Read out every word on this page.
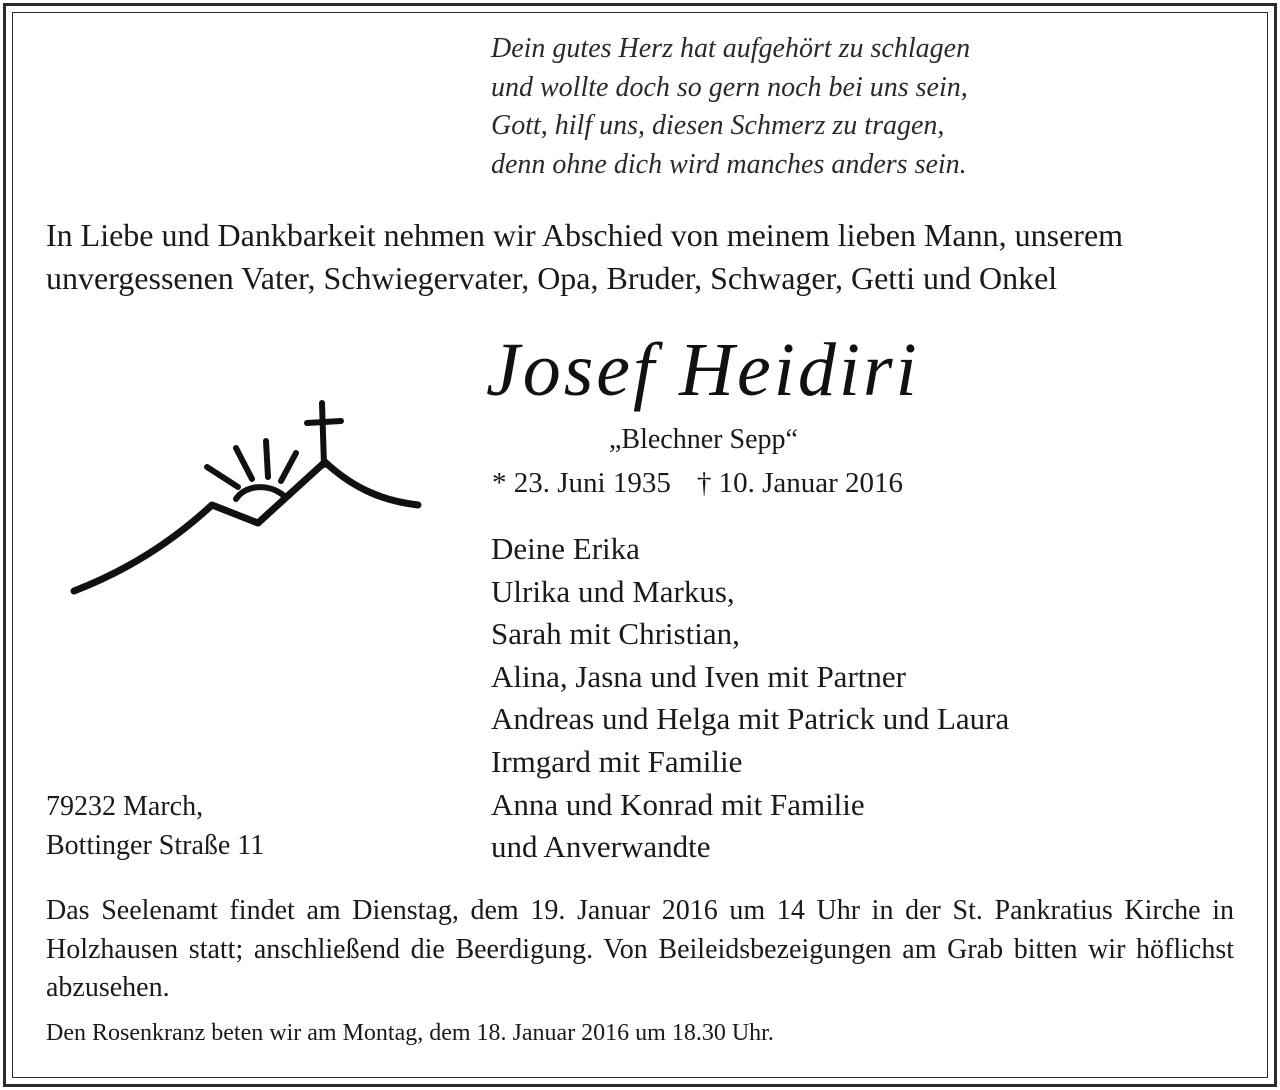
Dein gutes Herz hat aufgehört zu schlagen
und wollte doch so gern noch bei uns sein,
Gott, hilf uns, diesen Schmerz zu tragen,
denn ohne dich wird manches anders sein.
In Liebe und Dankbarkeit nehmen wir Abschied von meinem lieben Mann, unserem
unvergessenen Vater, Schwiegervater, Opa, Bruder, Schwager, Getti und Onkel
Josef Heidiri
„Blechner Sepp“
* 23. Juni 1935 † 10. Januar 2016
Deine Erika
Ulrika und Markus,
Sarah mit Christian,
Alina, Jasna und Iven mit Partner
Andreas und Helga mit Patrick und Laura
Irmgard mit Familie
Anna und Konrad mit Familie
und Anverwandte
79232 March,
Bottinger Straße 11
Das Seelenamt findet am Dienstag, dem 19. Januar 2016 um 14 Uhr in der St. Pankratius Kirche in Holzhausen statt; anschließend die Beerdigung. Von Beileidsbezeigungen am Grab bitten wir höflichst abzusehen.
Den Rosenkranz beten wir am Montag, dem 18. Januar 2016 um 18.30 Uhr.
